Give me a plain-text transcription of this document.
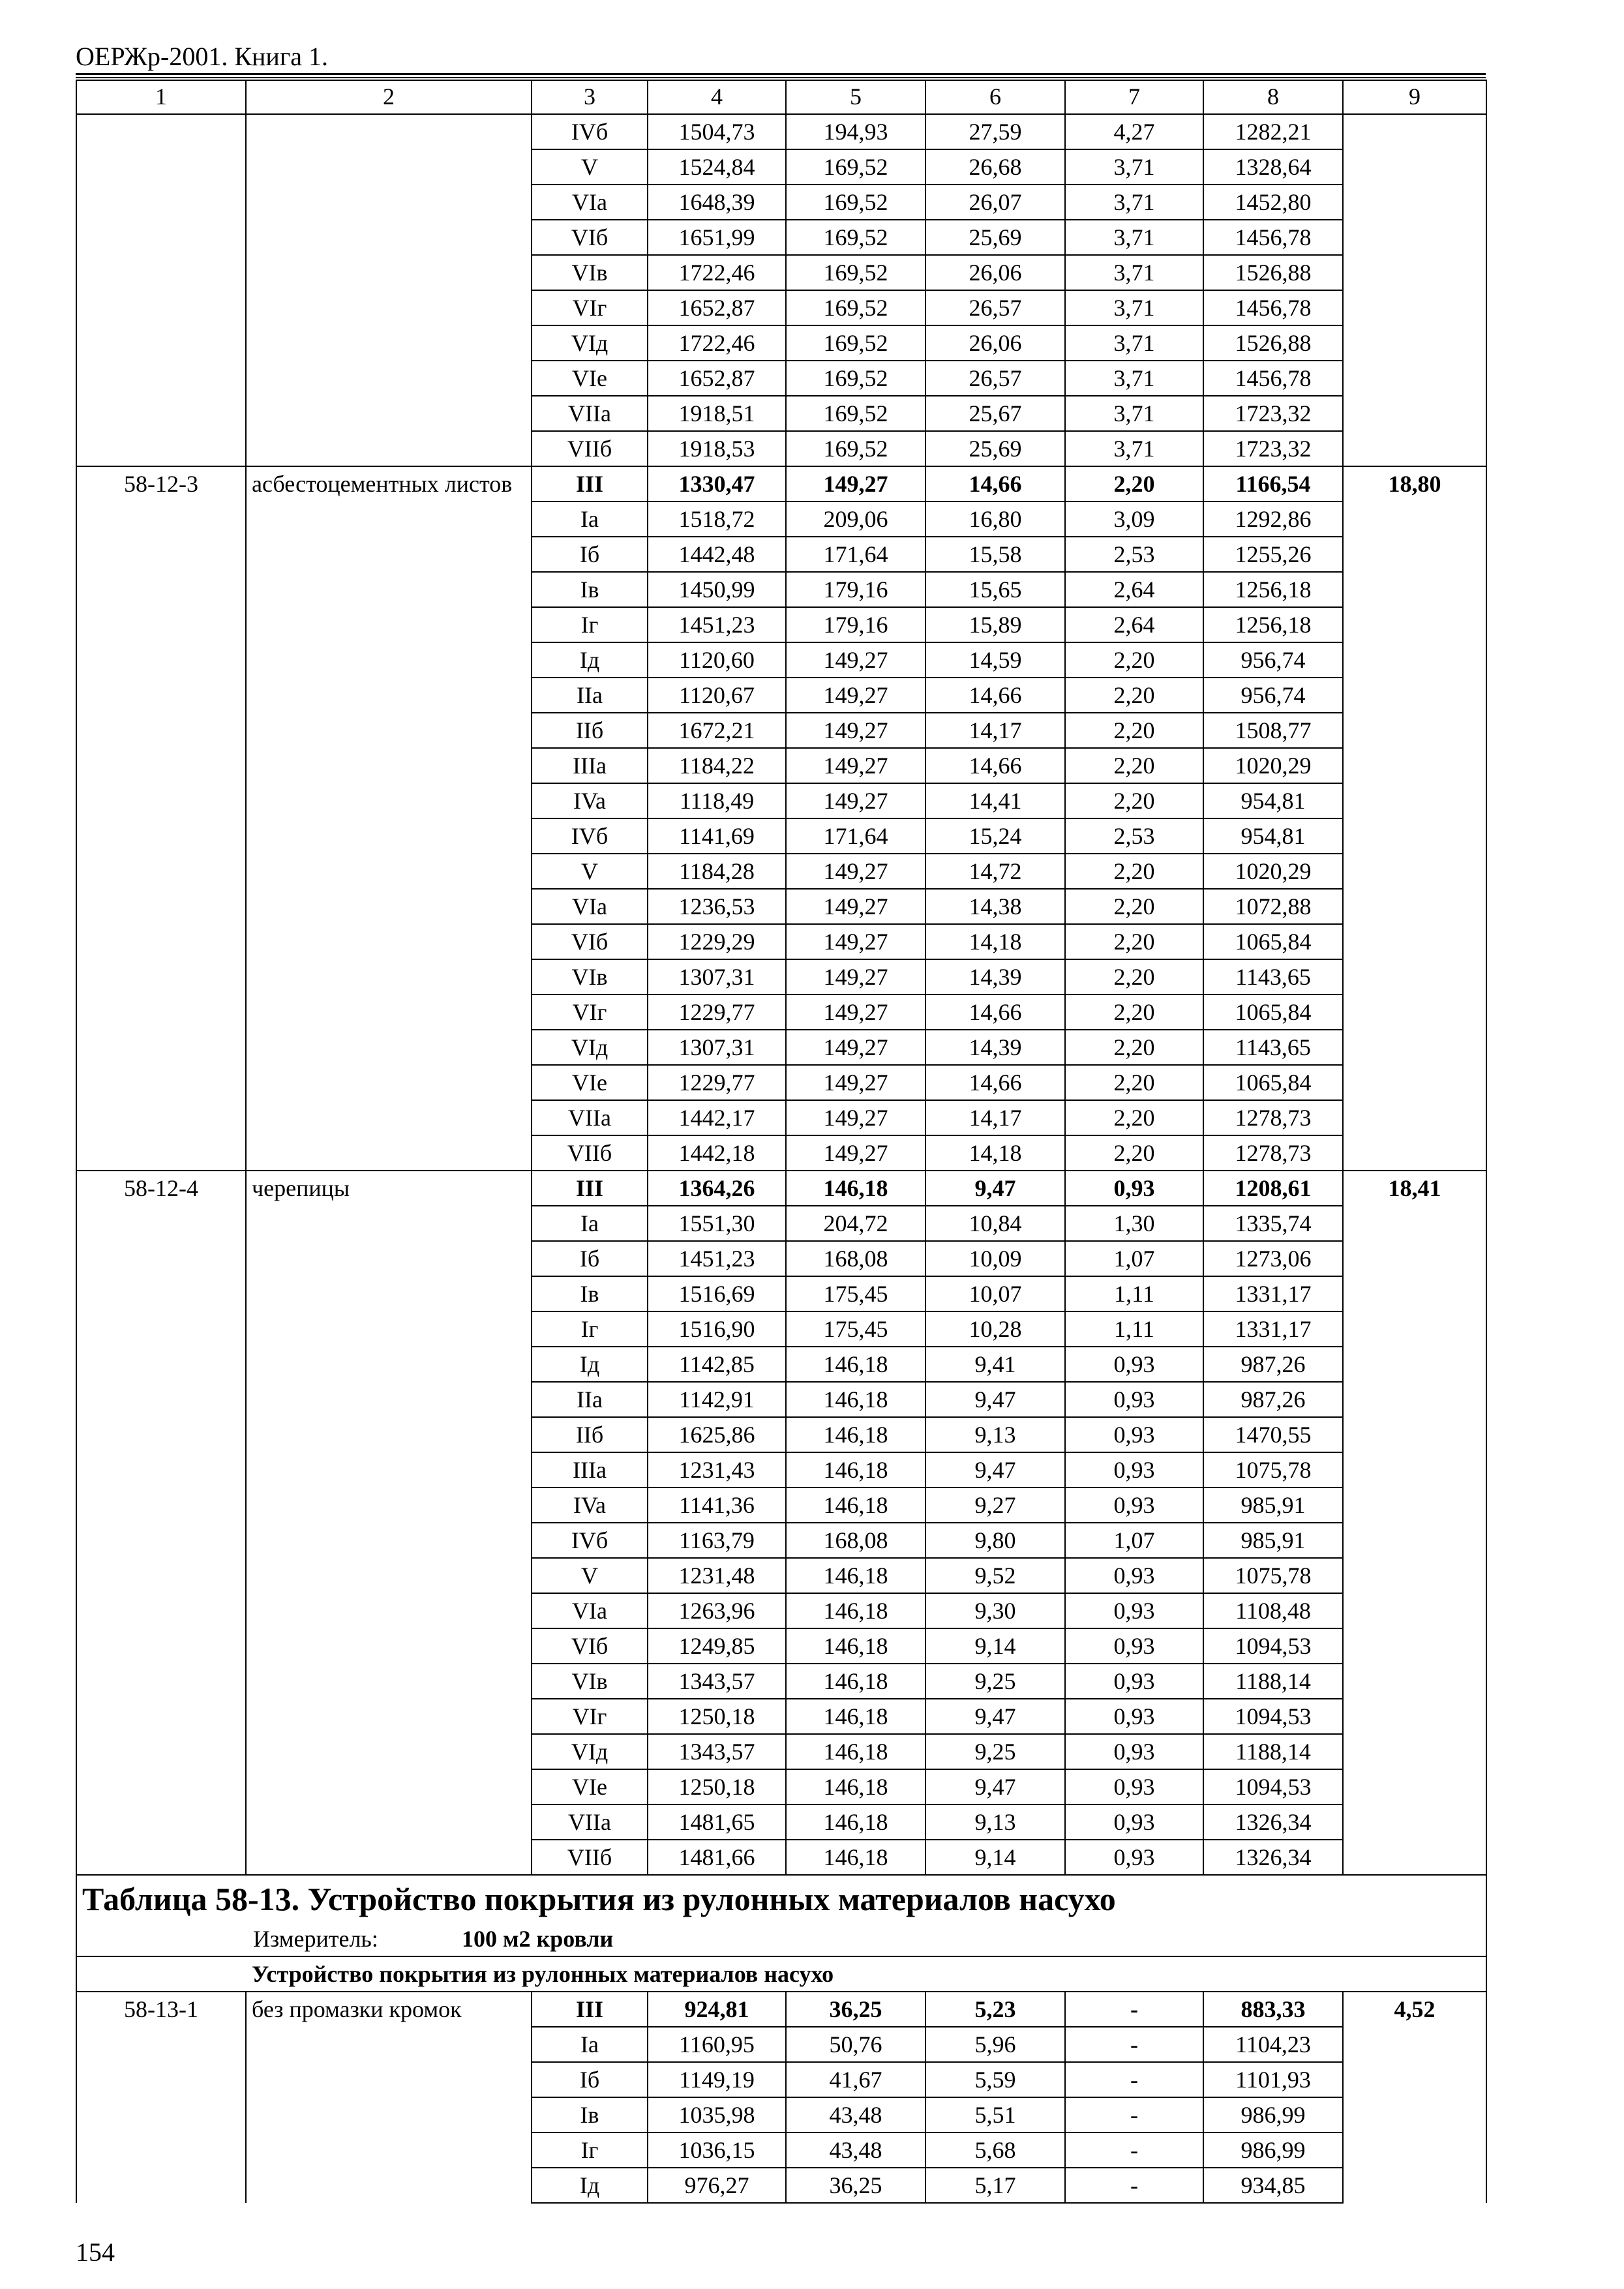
ОЕРЖр-2001. Книга 1.
1	2	3	4	5	6	7	8	9
		IVб	1504,73	194,93	27,59	4,27	1282,21	
		V	1524,84	169,52	26,68	3,71	1328,64	
		VIa	1648,39	169,52	26,07	3,71	1452,80	
		VIб	1651,99	169,52	25,69	3,71	1456,78	
		VIв	1722,46	169,52	26,06	3,71	1526,88	
		VIг	1652,87	169,52	26,57	3,71	1456,78	
		VIд	1722,46	169,52	26,06	3,71	1526,88	
		VIe	1652,87	169,52	26,57	3,71	1456,78	
		VIIa	1918,51	169,52	25,67	3,71	1723,32	
		VIIб	1918,53	169,52	25,69	3,71	1723,32	
58-12-3	асбестоцементных листов	III	1330,47	149,27	14,66	2,20	1166,54	18,80
		Ia	1518,72	209,06	16,80	3,09	1292,86	
		Iб	1442,48	171,64	15,58	2,53	1255,26	
		Iв	1450,99	179,16	15,65	2,64	1256,18	
		Iг	1451,23	179,16	15,89	2,64	1256,18	
		Iд	1120,60	149,27	14,59	2,20	956,74	
		IIa	1120,67	149,27	14,66	2,20	956,74	
		IIб	1672,21	149,27	14,17	2,20	1508,77	
		IIIa	1184,22	149,27	14,66	2,20	1020,29	
		IVa	1118,49	149,27	14,41	2,20	954,81	
		IVб	1141,69	171,64	15,24	2,53	954,81	
		V	1184,28	149,27	14,72	2,20	1020,29	
		VIa	1236,53	149,27	14,38	2,20	1072,88	
		VIб	1229,29	149,27	14,18	2,20	1065,84	
		VIв	1307,31	149,27	14,39	2,20	1143,65	
		VIг	1229,77	149,27	14,66	2,20	1065,84	
		VIд	1307,31	149,27	14,39	2,20	1143,65	
		VIe	1229,77	149,27	14,66	2,20	1065,84	
		VIIa	1442,17	149,27	14,17	2,20	1278,73	
		VIIб	1442,18	149,27	14,18	2,20	1278,73	
58-12-4	черепицы	III	1364,26	146,18	9,47	0,93	1208,61	18,41
		Ia	1551,30	204,72	10,84	1,30	1335,74	
		Iб	1451,23	168,08	10,09	1,07	1273,06	
		Iв	1516,69	175,45	10,07	1,11	1331,17	
		Iг	1516,90	175,45	10,28	1,11	1331,17	
		Iд	1142,85	146,18	9,41	0,93	987,26	
		IIa	1142,91	146,18	9,47	0,93	987,26	
		IIб	1625,86	146,18	9,13	0,93	1470,55	
		IIIa	1231,43	146,18	9,47	0,93	1075,78	
		IVa	1141,36	146,18	9,27	0,93	985,91	
		IVб	1163,79	168,08	9,80	1,07	985,91	
		V	1231,48	146,18	9,52	0,93	1075,78	
		VIa	1263,96	146,18	9,30	0,93	1108,48	
		VIб	1249,85	146,18	9,14	0,93	1094,53	
		VIв	1343,57	146,18	9,25	0,93	1188,14	
		VIг	1250,18	146,18	9,47	0,93	1094,53	
		VIд	1343,57	146,18	9,25	0,93	1188,14	
		VIe	1250,18	146,18	9,47	0,93	1094,53	
		VIIa	1481,65	146,18	9,13	0,93	1326,34	
		VIIб	1481,66	146,18	9,14	0,93	1326,34	
Таблица 58-13. Устройство покрытия из рулонных материалов насухо								
Измеритель: 100 м2 кровли								
Устройство покрытия из рулонных материалов насухо								
58-13-1	без промазки кромок	III	924,81	36,25	5,23	-	883,33	4,52
		Ia	1160,95	50,76	5,96	-	1104,23	
		Iб	1149,19	41,67	5,59	-	1101,93	
		Iв	1035,98	43,48	5,51	-	986,99	
		Iг	1036,15	43,48	5,68	-	986,99	
		Iд	976,27	36,25	5,17	-	934,85	
154
